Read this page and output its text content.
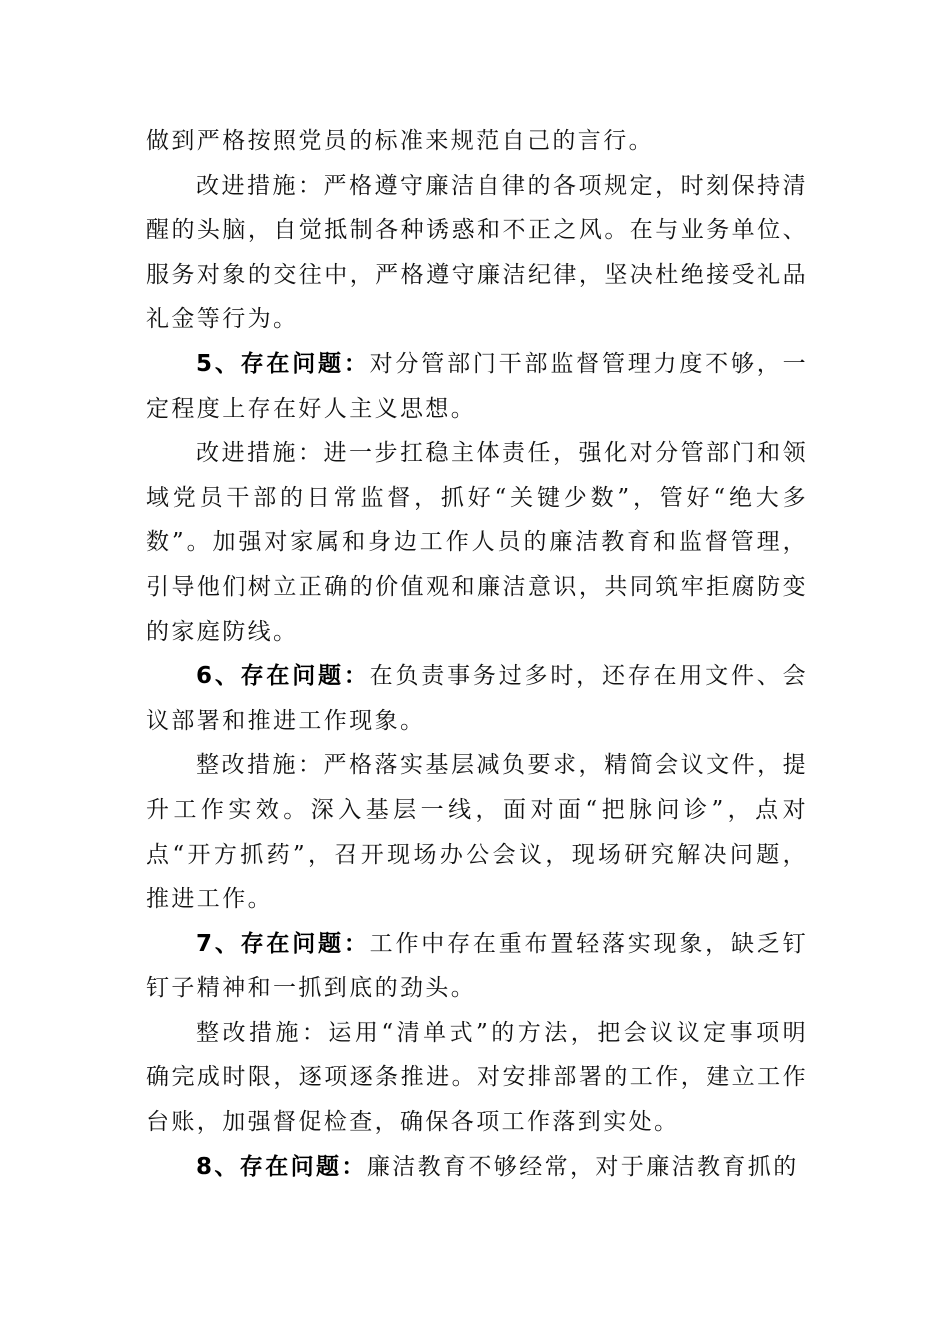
做到严格按照党员的标准来规范自己的言行。

改进措施：严格遵守廉洁自律的各项规定，时刻保持清醒的头脑，自觉抵制各种诱惑和不正之风。在与业务单位、服务对象的交往中，严格遵守廉洁纪律，坚决杜绝接受礼品礼金等行为。

5、存在问题：对分管部门干部监督管理力度不够，一定程度上存在好人主义思想。

改进措施：进一步扛稳主体责任，强化对分管部门和领域党员干部的日常监督，抓好“关键少数”，管好“绝大多数”。加强对家属和身边工作人员的廉洁教育和监督管理，引导他们树立正确的价值观和廉洁意识，共同筑牢拒腐防变的家庭防线。

6、存在问题：在负责事务过多时，还存在用文件、会议部署和推进工作现象。

整改措施：严格落实基层减负要求，精简会议文件，提升工作实效。深入基层一线，面对面“把脉问诊”，点对点“开方抓药”，召开现场办公会议，现场研究解决问题，推进工作。

7、存在问题：工作中存在重布置轻落实现象，缺乏钉钉子精神和一抓到底的劲头。

整改措施：运用“清单式”的方法，把会议议定事项明确完成时限，逐项逐条推进。对安排部署的工作，建立工作台账，加强督促检查，确保各项工作落到实处。

8、存在问题：廉洁教育不够经常，对于廉洁教育抓的
